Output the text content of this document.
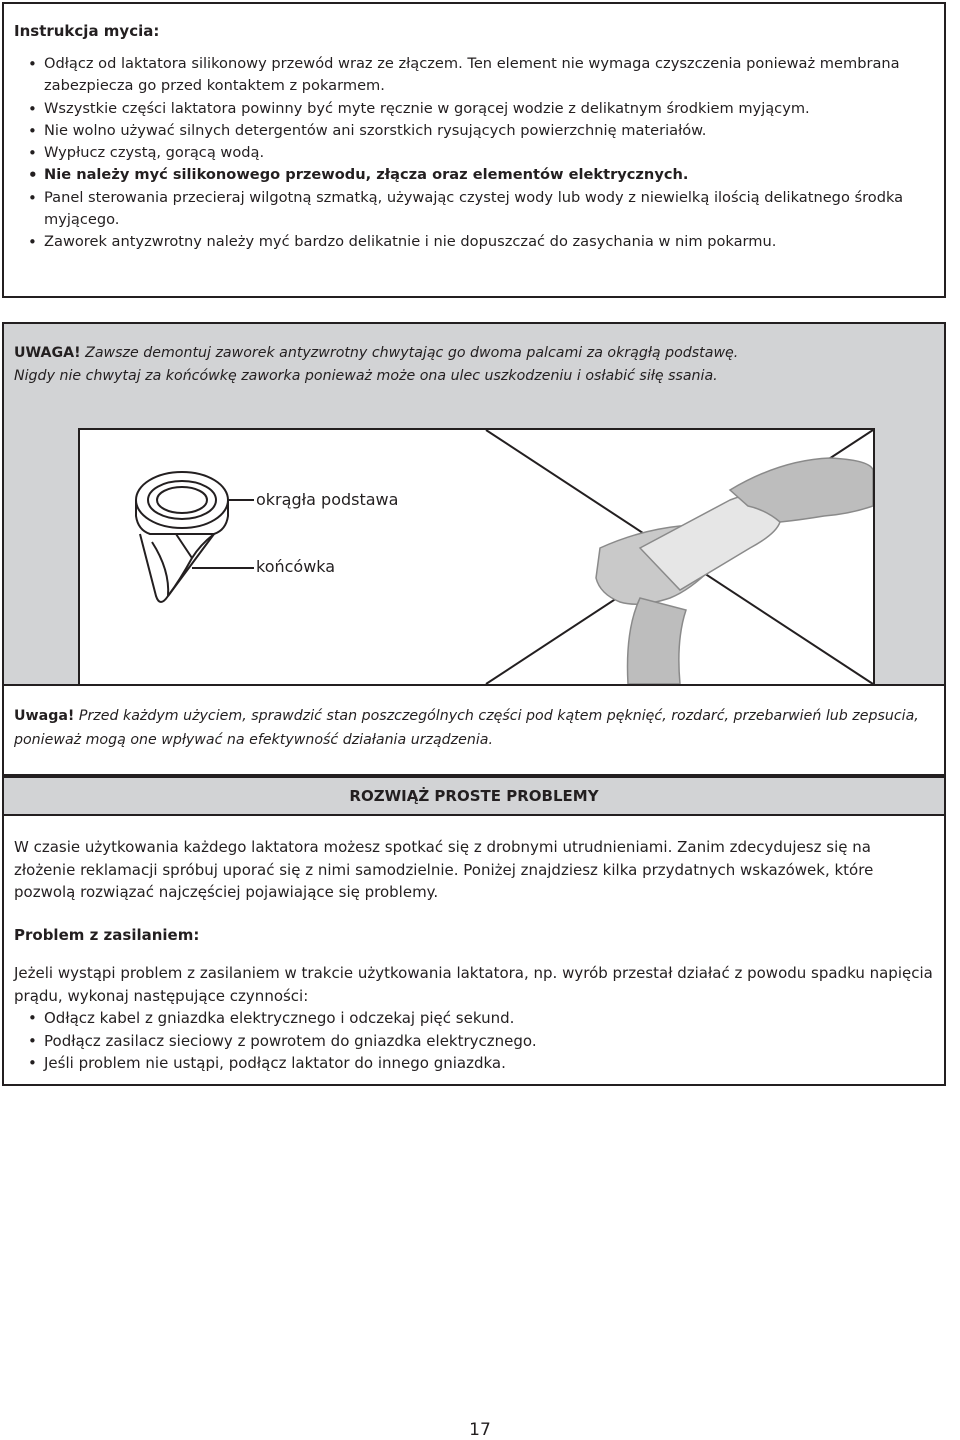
Instrukcja mycia:
• Odłącz od laktatora silikonowy przewód wraz ze złączem. Ten element nie wymaga czyszczenia ponieważ membrana zabezpiecza go przed kontaktem z pokarmem.
• Wszystkie części laktatora powinny być myte ręcznie w gorącej wodzie z delikatnym środkiem myjącym.
• Nie wolno używać silnych detergentów ani szorstkich rysujących powierzchnię materiałów.
• Wypłucz czystą, gorącą wodą.
• Nie należy myć silikonowego przewodu, złącza oraz elementów elektrycznych.
• Panel sterowania przecieraj wilgotną szmatką, używając czystej wody lub wody z niewielką ilością delikatnego środka myjącego.
• Zaworek antyzwrotny należy myć bardzo delikatnie i nie dopuszczać do zasychania w nim pokarmu.

UWAGA! Zawsze demontuj zaworek antyzwrotny chwytając go dwoma palcami za okrągłą podstawę.

Nigdy nie chwytaj za końcówkę zaworka ponieważ może ona ulec uszkodzeniu i osłabić siłę ssania.

okrągła podstawa
końcówka

Uwaga! Przed każdym użyciem, sprawdzić stan poszczególnych części pod kątem pęknięć, rozdarć, przebarwień lub zepsucia, ponieważ mogą one wpływać na efektywność działania urządzenia.

ROZWIĄŻ PROSTE PROBLEMY

W czasie użytkowania każdego laktatora możesz spotkać się z drobnymi utrudnieniami. Zanim zdecydujesz się na złożenie reklamacji spróbuj uporać się z nimi samodzielnie. Poniżej znajdziesz kilka przydatnych wskazówek, które pozwolą rozwiązać najczęściej pojawiające się problemy.

Problem z zasilaniem:

Jeżeli wystąpi problem z zasilaniem w trakcie użytkowania laktatora, np. wyrób przestał działać z powodu spadku napięcia prądu, wykonaj następujące czynności:

• Odłącz kabel z gniazdka elektrycznego i odczekaj pięć sekund.
• Podłącz zasilacz sieciowy z powrotem do gniazdka elektrycznego.
• Jeśli problem nie ustąpi, podłącz laktator do innego gniazdka.
17
